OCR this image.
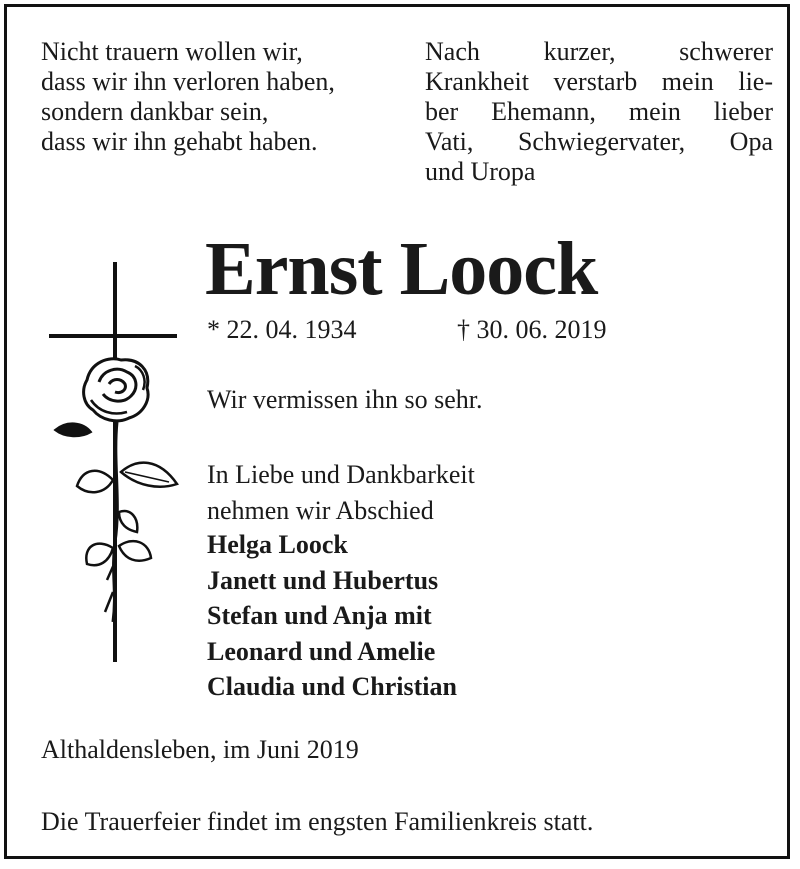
Nicht trauern wollen wir,
dass wir ihn verloren haben,
sondern dankbar sein,
dass wir ihn gehabt haben.
Nach kurzer, schwerer
Krankheit verstarb mein lie-
ber Ehemann, mein lieber
Vati, Schwiegervater, Opa
und Uropa
Ernst Loock
* 22. 04. 1934	† 30. 06. 2019
Wir vermissen ihn so sehr.
In Liebe und Dankbarkeit
nehmen wir Abschied
Helga Loock
Janett und Hubertus
Stefan und Anja mit
Leonard und Amelie
Claudia und Christian
Althaldensleben, im Juni 2019
Die Trauerfeier findet im engsten Familienkreis statt.
